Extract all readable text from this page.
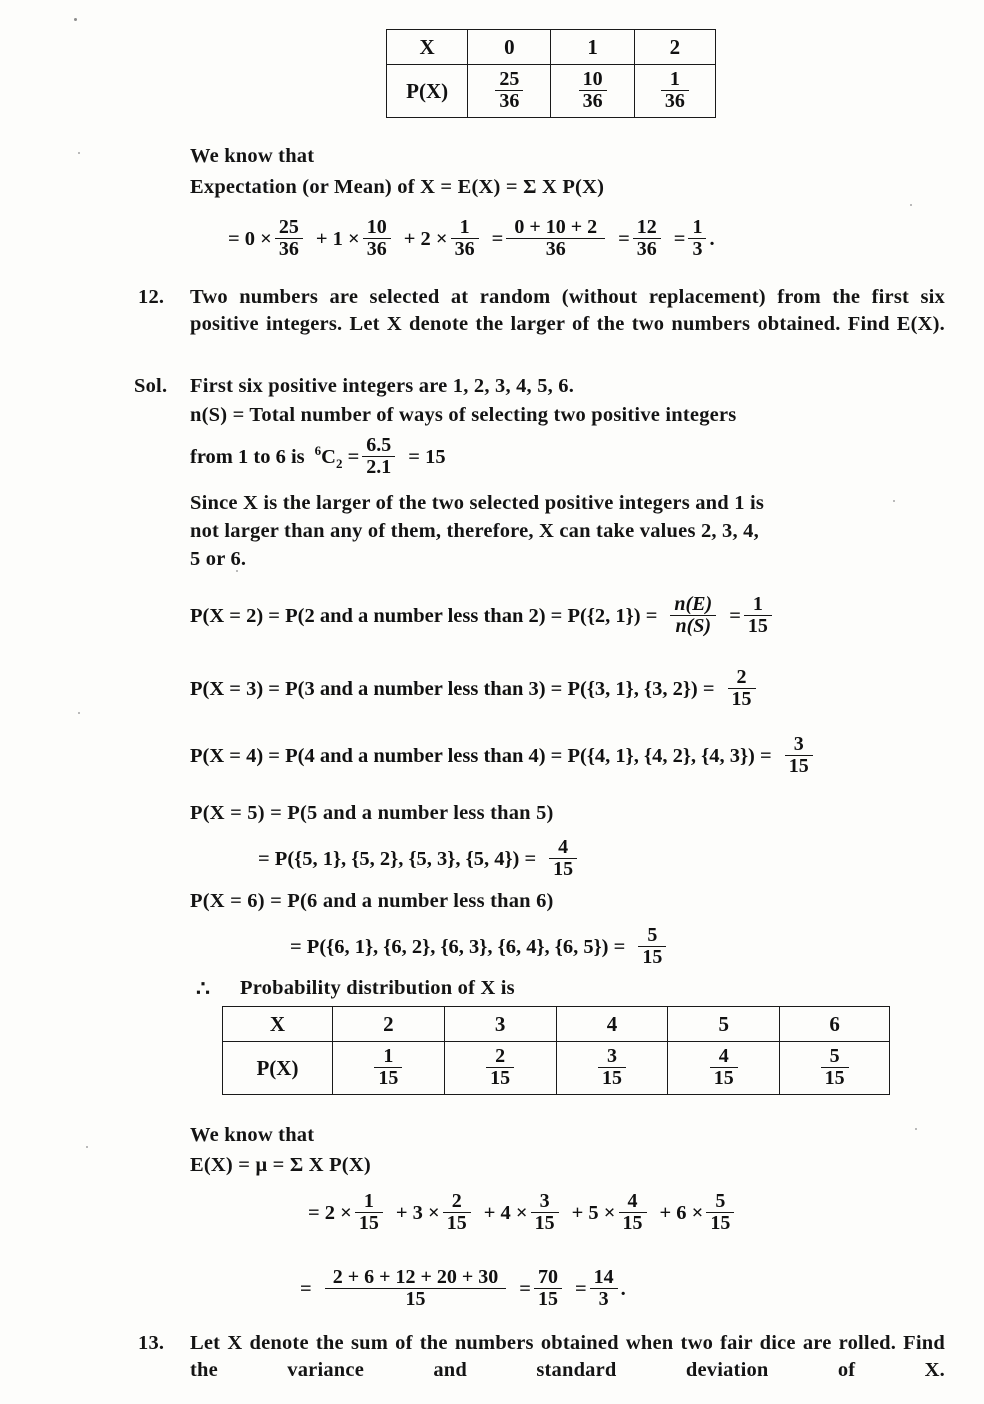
X	0	1	2
P(X)	$\frac{25}{36}$	$\frac{10}{36}$	$\frac{1}{36}$
We know that
Expectation (or Mean) of X = E(X) = Σ X P(X)
= $0 \times \frac{25}{36} + 1 \times \frac{10}{36} + 2 \times \frac{1}{36} = \frac{0 + 10 + 2}{36} = \frac{12}{36} = \frac{1}{3}$ .
12. Two numbers are selected at random (without replacement) from the first six positive integers. Let X denote the larger of the two numbers obtained. Find E(X).
Sol. First six positive integers are 1, 2, 3, 4, 5, 6.
n(S) = Total number of ways of selecting two positive integers
from 1 to 6 is $^6C_2 = \frac{6.5}{2.1} = 15$
Since X is the larger of the two selected positive integers and 1 is
not larger than any of them, therefore, X can take values 2, 3, 4,
5 or 6.
P(X = 2) = P(2 and a number less than 2) = P({2, $1\}) = \frac{n(E)}{n(S)} = \frac{1}{15}$
P(X = 3) = P(3 and a number less than 3) = P({3, 1}, {3, $2\}) = \frac{2}{15}$
P(X = 4) = P(4 and a number less than 4) = P({4, 1}, {4, 2}, {4, $3\}) = \frac{3}{15}$
P(X = 5) = P(5 and a number less than 5)
= P({5, 1}, {5, 2}, {5, 3}, {5, $4\}) = \frac{4}{15}$
P(X = 6) = P(6 and a number less than 6)
= P({6, 1}, {6, 2}, {6, 3}, {6, 4}, {6, $5\}) = \frac{5}{15}$
∴ Probability distribution of X is
X	2	3	4	5	6
P(X)	$\frac{1}{15}$	$\frac{2}{15}$	$\frac{3}{15}$	$\frac{4}{15}$	$\frac{5}{15}$
We know that
E(X) = μ = Σ X P(X)
= $2 \times \frac{1}{15} + 3 \times \frac{2}{15} + 4 \times \frac{3}{15} + 5 \times \frac{4}{15} + 6 \times \frac{5}{15}$
= $\frac{2 + 6 + 12 + 20 + 30}{15} = \frac{70}{15} = \frac{14}{3}$ .
13. Let X denote the sum of the numbers obtained when two fair dice are rolled. Find the variance and standard deviation of X.
